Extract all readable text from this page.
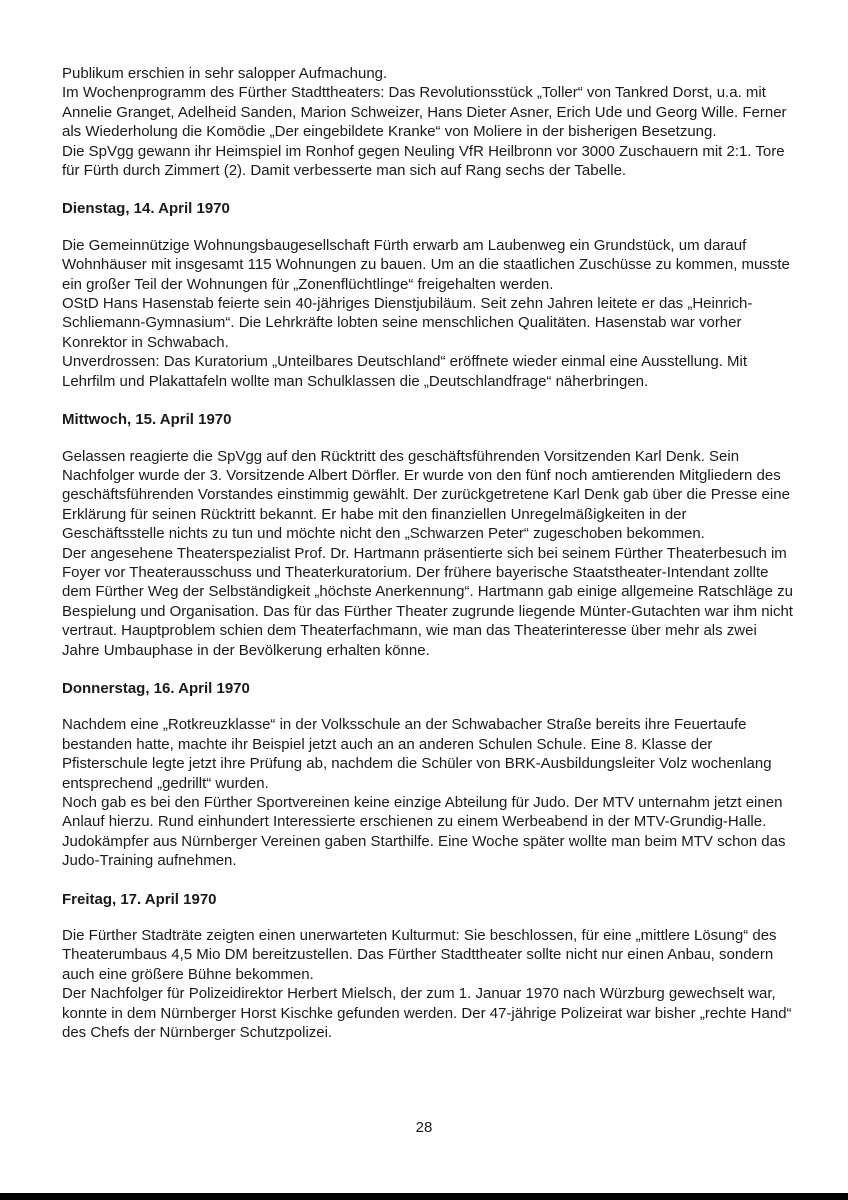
Publikum erschien in sehr salopper Aufmachung.

Im Wochenprogramm des Fürther Stadttheaters: Das Revolutionsstück „Toller“ von Tankred Dorst, u.a. mit Annelie Granget, Adelheid Sanden, Marion Schweizer, Hans Dieter Asner, Erich Ude und Georg Wille. Ferner als Wiederholung die Komödie „Der eingebildete Kranke“ von Moliere in der bisherigen Besetzung.

Die SpVgg gewann ihr Heimspiel im Ronhof gegen Neuling VfR Heilbronn vor 3000 Zuschauern mit 2:1. Tore für Fürth durch Zimmert (2). Damit verbesserte man sich auf Rang sechs der Tabelle.

Dienstag, 14. April 1970

Die Gemeinnützige Wohnungsbaugesellschaft Fürth erwarb am Laubenweg ein Grundstück, um darauf Wohnhäuser mit insgesamt 115 Wohnungen zu bauen. Um an die staatlichen Zuschüsse zu kommen, musste ein großer Teil der Wohnungen für „Zonenflüchtlinge“ freigehalten werden.

OStD Hans Hasenstab feierte sein 40-jähriges Dienstjubiläum. Seit zehn Jahren leitete er das „Heinrich-Schliemann-Gymnasium“. Die Lehrkräfte lobten seine menschlichen Qualitäten. Hasenstab war vorher Konrektor in Schwabach.

Unverdrossen: Das Kuratorium „Unteilbares Deutschland“ eröffnete wieder einmal eine Ausstellung. Mit Lehrfilm und Plakattafeln wollte man Schulklassen die „Deutschlandfrage“ näherbringen.

Mittwoch, 15. April 1970

Gelassen reagierte die SpVgg auf den Rücktritt des geschäftsführenden Vorsitzenden Karl Denk. Sein Nachfolger wurde der 3. Vorsitzende Albert Dörfler. Er wurde von den fünf noch amtierenden Mitgliedern des geschäftsführenden Vorstandes einstimmig gewählt. Der zurückgetretene Karl Denk gab über die Presse eine Erklärung für seinen Rücktritt bekannt. Er habe mit den finanziellen Unregelmäßigkeiten in der Geschäftsstelle nichts zu tun und möchte nicht den „Schwarzen Peter“ zugeschoben bekommen.

Der angesehene Theaterspezialist Prof. Dr. Hartmann präsentierte sich bei seinem Fürther Theaterbesuch im Foyer vor Theaterausschuss und Theaterkuratorium. Der frühere bayerische Staatstheater-Intendant zollte dem Fürther Weg der Selbständigkeit „höchste Anerkennung“. Hartmann gab einige allgemeine Ratschläge zu Bespielung und Organisation. Das für das Fürther Theater zugrunde liegende Münter-Gutachten war ihm nicht vertraut. Hauptproblem schien dem Theaterfachmann, wie man das Theaterinteresse über mehr als zwei Jahre Umbauphase in der Bevölkerung erhalten könne.

Donnerstag, 16. April 1970

Nachdem eine „Rotkreuzklasse“ in der Volksschule an der Schwabacher Straße bereits ihre Feuertaufe bestanden hatte, machte ihr Beispiel jetzt auch an an anderen Schulen Schule. Eine 8. Klasse der Pfisterschule legte jetzt ihre Prüfung ab, nachdem die Schüler von BRK-Ausbildungsleiter Volz wochenlang entsprechend „gedrillt“ wurden.

Noch gab es bei den Fürther Sportvereinen keine einzige Abteilung für Judo. Der MTV unternahm jetzt einen Anlauf hierzu. Rund einhundert Interessierte erschienen zu einem Werbeabend in der MTV-Grundig-Halle. Judokämpfer aus Nürnberger Vereinen gaben Starthilfe. Eine Woche später wollte man beim MTV schon das Judo-Training aufnehmen.

Freitag, 17. April 1970

Die Fürther Stadträte zeigten einen unerwarteten Kulturmut: Sie beschlossen, für eine „mittlere Lösung“ des Theaterumbaus 4,5 Mio DM bereitzustellen. Das Fürther Stadttheater sollte nicht nur einen Anbau, sondern auch eine größere Bühne bekommen.

Der Nachfolger für Polizeidirektor Herbert Mielsch, der zum 1. Januar 1970 nach Würzburg gewechselt war, konnte in dem Nürnberger Horst Kischke gefunden werden. Der 47-jährige Polizeirat war bisher „rechte Hand“ des Chefs der Nürnberger Schutzpolizei.

28
